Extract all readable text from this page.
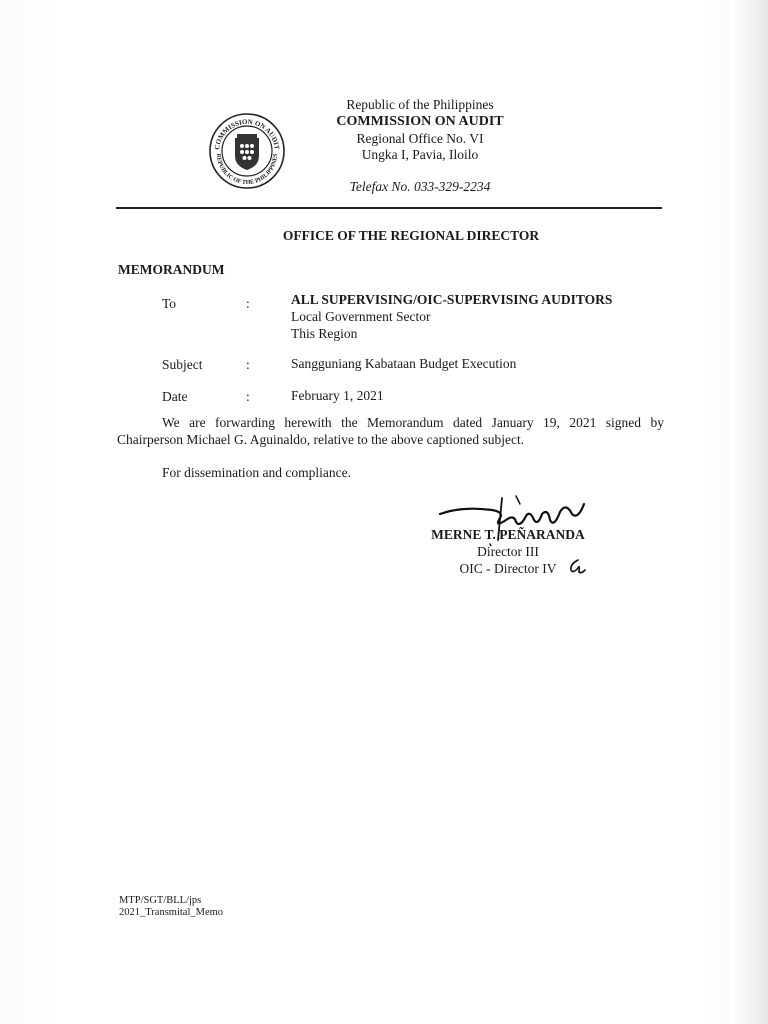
COMMISSION ON AUDIT
REPUBLIC OF THE PHILIPPINES
Republic of the Philippines
COMMISSION ON AUDIT
Regional Office No. VI
Ungka I, Pavia, Iloilo
Telefax No. 033-329-2234
OFFICE OF THE REGIONAL DIRECTOR
MEMORANDUM
To	:	ALL SUPERVISING/OIC-SUPERVISING AUDITORS
Local Government Sector
This Region
Subject	:	Sangguniang Kabataan Budget Execution
Date	:	February 1, 2021
We are forwarding herewith the Memorandum dated January 19, 2021 signed by Chairperson Michael G. Aguinaldo, relative to the above captioned subject.
For dissemination and compliance.
MERNE T. PEÑARANDA
Director III
OIC - Director IV
MTP/SGT/BLL/jps
2021_Transmital_Memo
